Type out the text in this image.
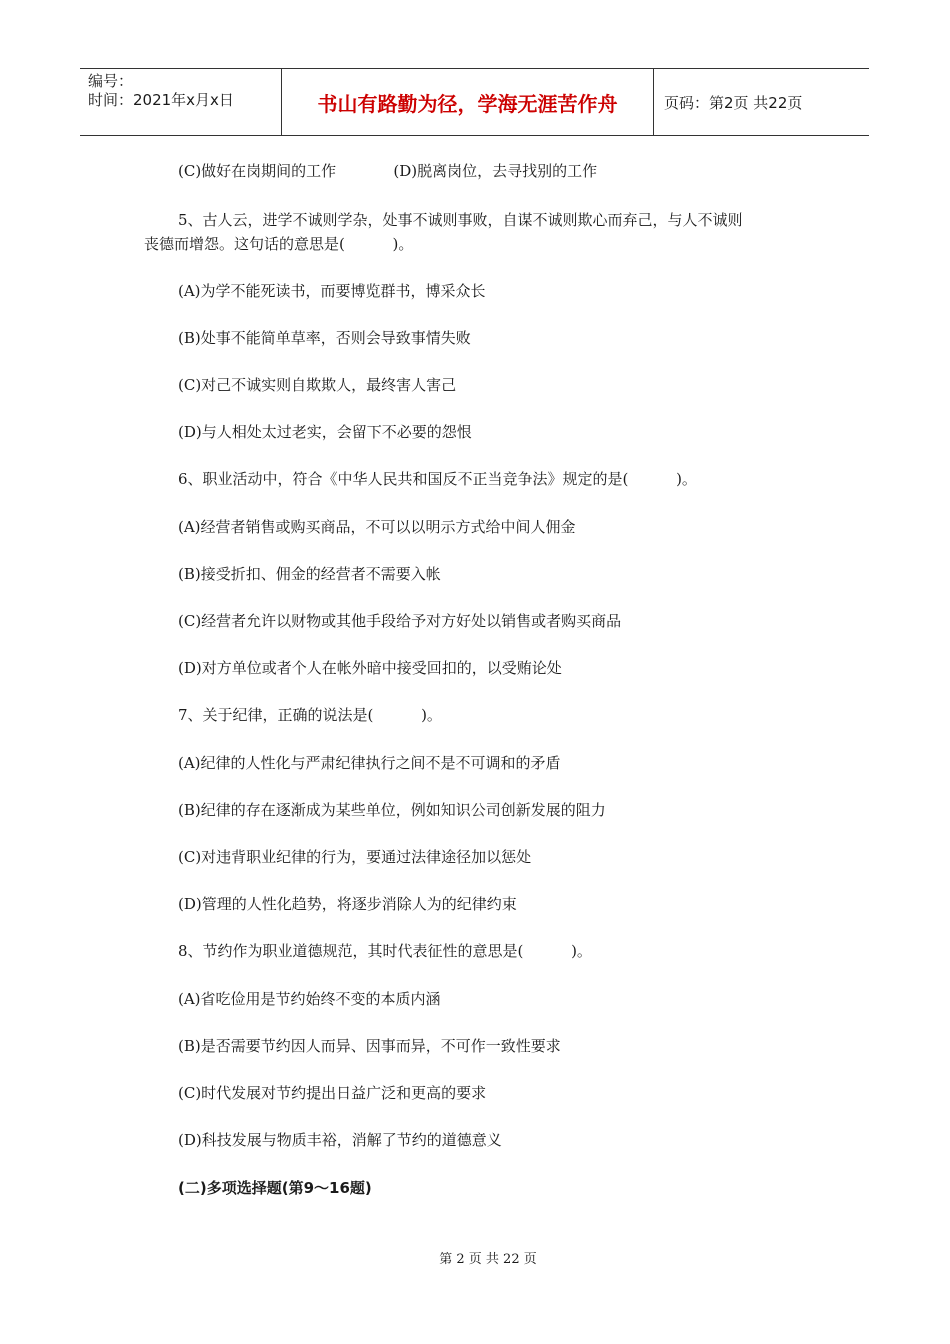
编号：
时间：2021年x月x日	书山有路勤为径，学海无涯苦作舟	页码：第2页 共22页
(C)做好在岗期间的工作            (D)脱离岗位，去寻找别的工作
5、古人云，进学不诚则学杂，处事不诚则事败，自谋不诚则欺心而弃己，与人不诚则
丧德而增怨。这句话的意思是(          )。
(A)为学不能死读书，而要博览群书，博采众长
(B)处事不能简单草率，否则会导致事情失败
(C)对己不诚实则自欺欺人，最终害人害己
(D)与人相处太过老实，会留下不必要的怨恨
6、职业活动中，符合《中华人民共和国反不正当竞争法》规定的是(          )。
(A)经营者销售或购买商品，不可以以明示方式给中间人佣金
(B)接受折扣、佣金的经营者不需要入帐
(C)经营者允许以财物或其他手段给予对方好处以销售或者购买商品
(D)对方单位或者个人在帐外暗中接受回扣的，以受贿论处
7、关于纪律，正确的说法是(          )。
(A)纪律的人性化与严肃纪律执行之间不是不可调和的矛盾
(B)纪律的存在逐渐成为某些单位，例如知识公司创新发展的阻力
(C)对违背职业纪律的行为，要通过法律途径加以惩处
(D)管理的人性化趋势，将逐步消除人为的纪律约束
8、节约作为职业道德规范，其时代表征性的意思是(          )。
(A)省吃俭用是节约始终不变的本质内涵
(B)是否需要节约因人而异、因事而异，不可作一致性要求
(C)时代发展对节约提出日益广泛和更高的要求
(D)科技发展与物质丰裕，消解了节约的道德意义
(二)多项选择题(第9～16题)
第 2 页 共 22 页
